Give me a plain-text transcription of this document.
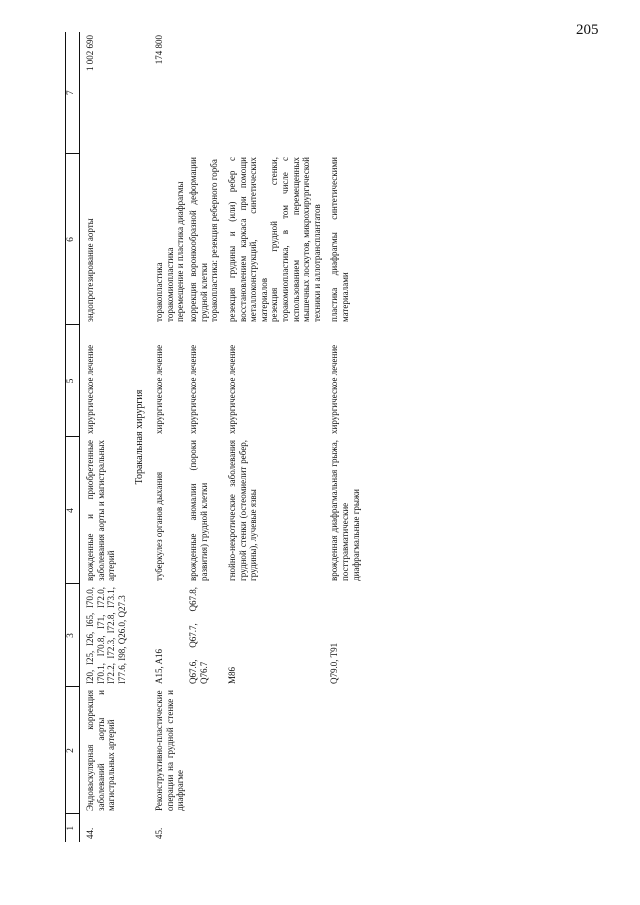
205
1	2	3	4	5	6	7
44.	Эндоваскулярная коррекция заболеваний аорты и магистральных артерий	I20, I25, I26, I65, I70.0, I70.1, I70.8, I71, I72.0, I72.2, I72.3, I72.8, I73.1, I77.6, I98, Q26.0, Q27.3	врожденные и приобретенные заболевания аорты и магистральных артерий	хирургическое лечение	эндопротезирование аорты	1 002 690
Торакальная хирургия						
45.	Реконструктивно-пластические операции на грудной стенке и диафрагме	A15, A16	туберкулез органов дыхания	хирургическое лечение	торакопластика торакомиопластика перемещение и пластика диафрагмы	174 800
		Q67.6, Q67.7, Q67.8, Q76.7	врожденные аномалии (пороки развития) грудной клетки	хирургическое лечение	коррекция воронкообразной деформации грудной клетки торакопластика: резекция реберного горба	

		M86	гнойно-некротические заболевания грудной стенки (остеомиелит ребер, грудины), лучевые язвы	хирургическое лечение	резекция грудины и (или) ребер с восстановлением каркаса при помощи металлоконструкций, синтетических материалов резекция грудной стенки, торакомиопластика, в том числе с использованием перемещенных мышечных лоскутов, микрохирургической техники и аллотрансплантатов	

		Q79.0, T91	врожденная диафрагмальная грыжа, посттравматические диафрагмальные грыжи	хирургическое лечение	пластика диафрагмы синтетическими материалами	
